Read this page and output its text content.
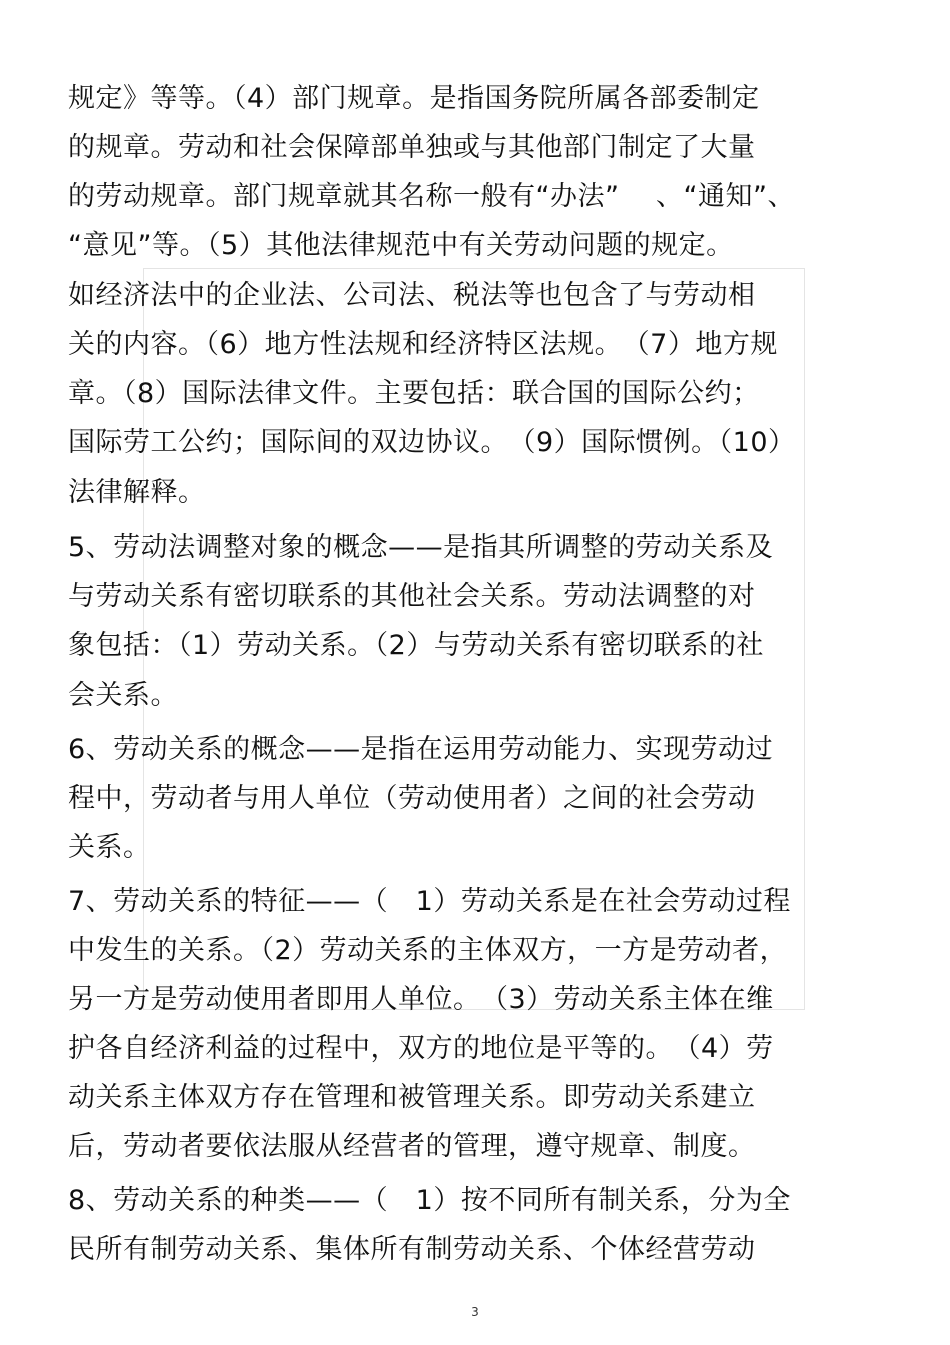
规定》等等。（4）部门规章。是指国务院所属各部委制定
的规章。劳动和社会保障部单独或与其他部门制定了大量
的劳动规章。部门规章就其名称一般有“办法”　 、“通知”、
“意见”等。（5）其他法律规范中有关劳动问题的规定。
如经济法中的企业法、公司法、税法等也包含了与劳动相
关的内容。（6）地方性法规和经济特区法规。　（7）地方规
章。（8）国际法律文件。主要包括：联合国的国际公约；
国际劳工公约；国际间的双边协议。　（9）国际惯例。（10）
法律解释。
5、劳动法调整对象的概念——是指其所调整的劳动关系及
与劳动关系有密切联系的其他社会关系。劳动法调整的对
象包括：（1）劳动关系。（2）与劳动关系有密切联系的社
会关系。
6、劳动关系的概念——是指在运用劳动能力、实现劳动过
程中，劳动者与用人单位（劳动使用者）之间的社会劳动
关系。
7、劳动关系的特征——（　1）劳动关系是在社会劳动过程
中发生的关系。（2）劳动关系的主体双方，一方是劳动者，
另一方是劳动使用者即用人单位。　（3）劳动关系主体在维
护各自经济利益的过程中，双方的地位是平等的。　（4）劳
动关系主体双方存在管理和被管理关系。即劳动关系建立
后，劳动者要依法服从经营者的管理，遵守规章、制度。
8、劳动关系的种类——（　1）按不同所有制关系，分为全
民所有制劳动关系、集体所有制劳动关系、个体经营劳动
3
